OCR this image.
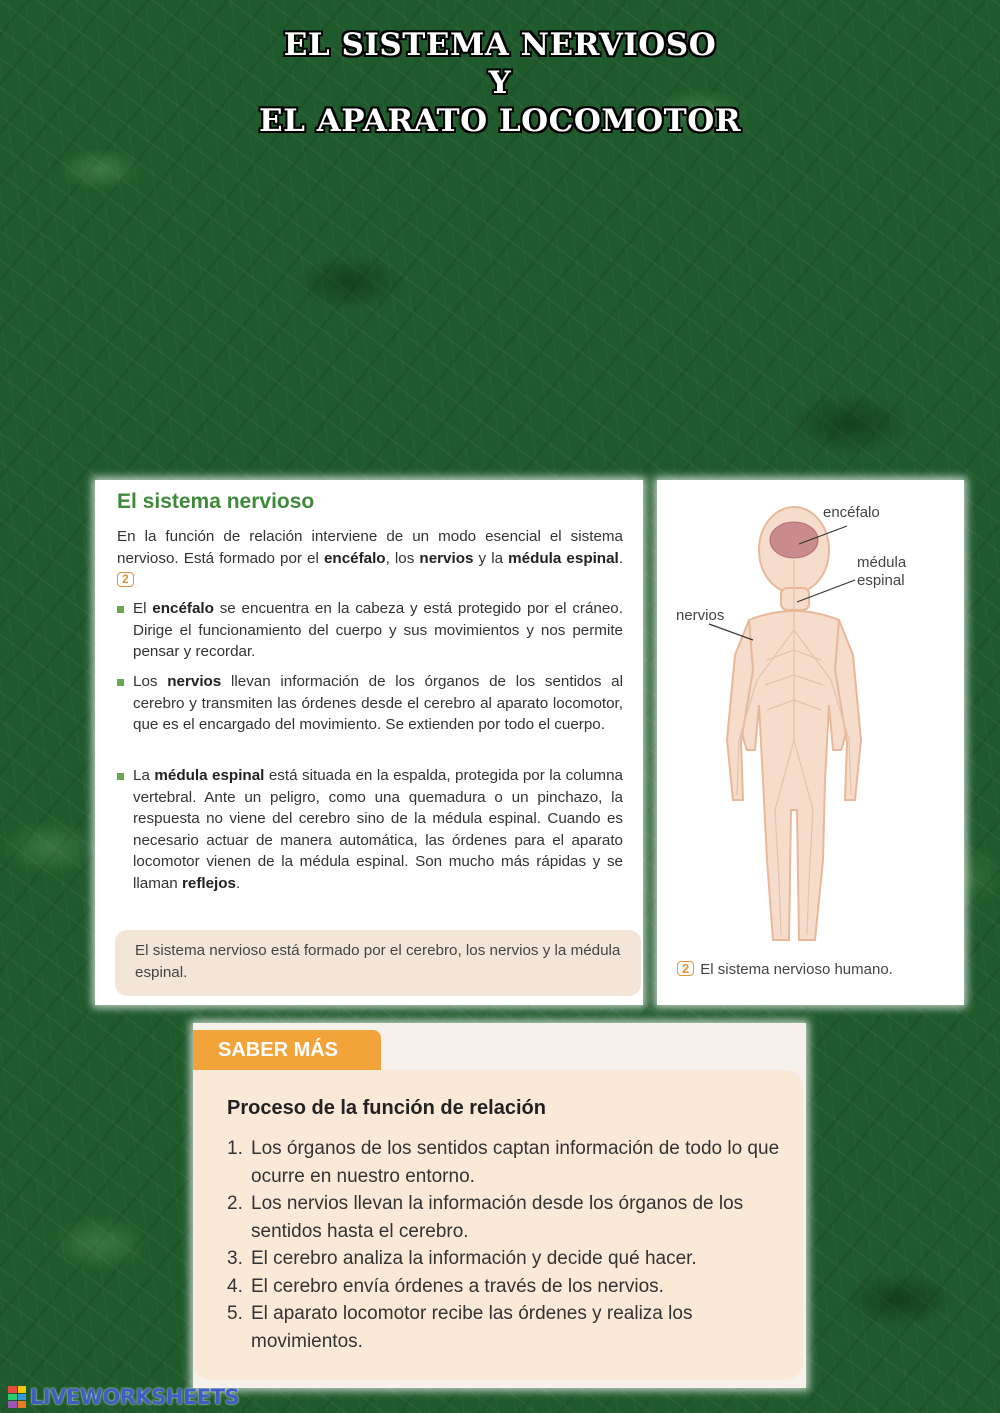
EL SISTEMA NERVIOSO
Y
EL APARATO LOCOMOTOR
El sistema nervioso
En la función de relación interviene de un modo esencial el sistema nervioso. Está formado por el encéfalo, los nervios y la médula espinal. 2
El encéfalo se encuentra en la cabeza y está protegido por el cráneo. Dirige el funcionamiento del cuerpo y sus movimientos y nos permite pensar y recordar.
Los nervios llevan información de los órganos de los sentidos al cerebro y transmiten las órdenes desde el cerebro al aparato locomotor, que es el encargado del movimiento. Se extienden por todo el cuerpo.
La médula espinal está situada en la espalda, protegida por la columna vertebral. Ante un peligro, como una quemadura o un pinchazo, la respuesta no viene del cerebro sino de la médula espinal. Cuando es necesario actuar de manera automática, las órdenes para el aparato locomotor vienen de la médula espinal. Son mucho más rápidas y se llaman reflejos.
El sistema nervioso está formado por el cerebro, los nervios y la médula espinal.
encéfalo
médula
espinal
nervios
2 El sistema nervioso humano.
SABER MÁS
Proceso de la función de relación
1. Los órganos de los sentidos captan información de todo lo que ocurre en nuestro entorno.
2. Los nervios llevan la información desde los órganos de los sentidos hasta el cerebro.
3. El cerebro analiza la información y decide qué hacer.
4. El cerebro envía órdenes a través de los nervios.
5. El aparato locomotor recibe las órdenes y realiza los movimientos.
LIVEWORKSHEETS
